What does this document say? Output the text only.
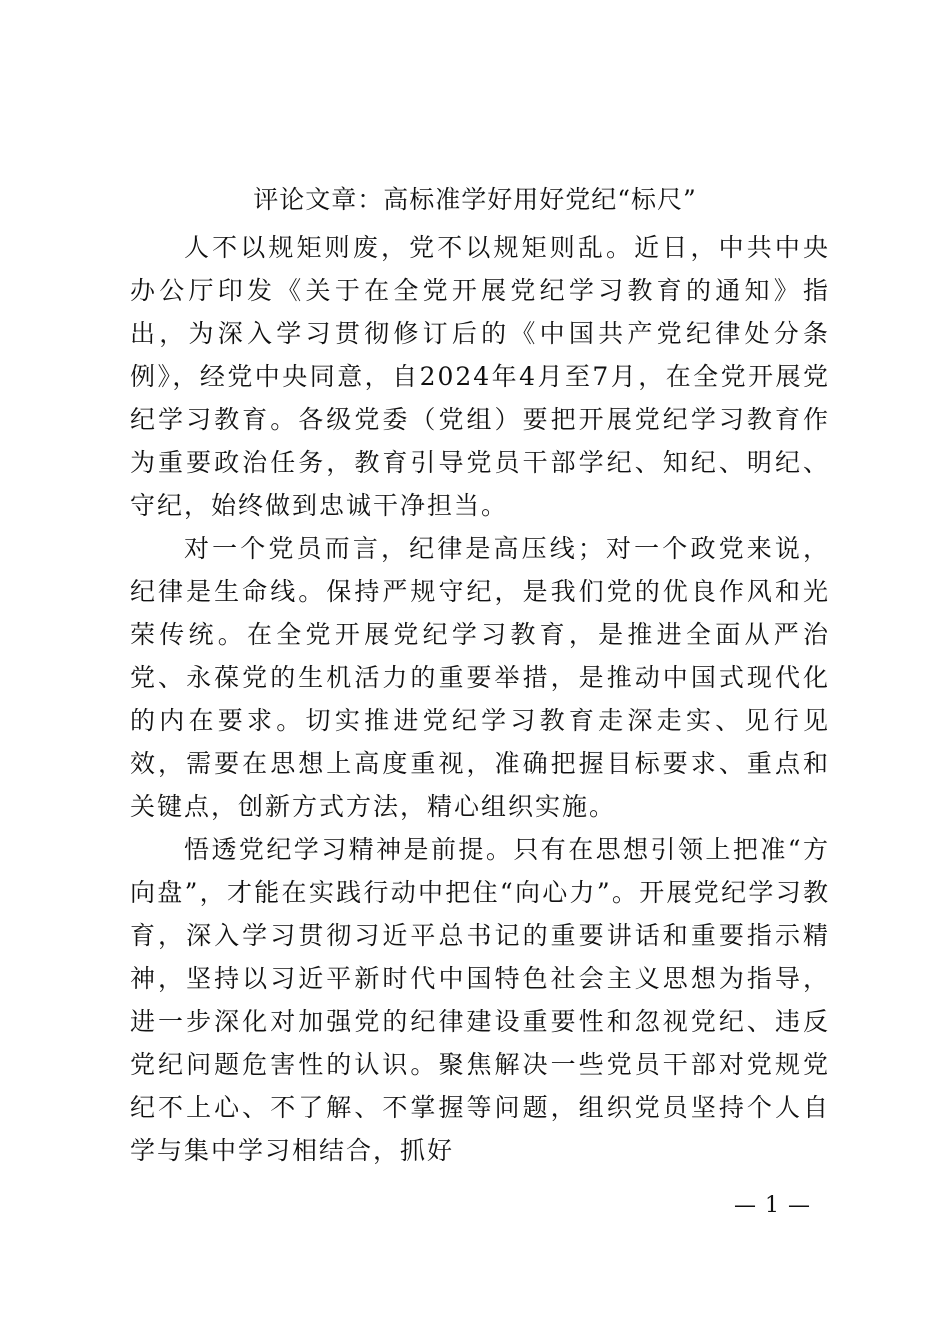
评论文章：高标准学好用好党纪“标尺”

人不以规矩则废，党不以规矩则乱。近日，中共中央办公厅印发《关于在全党开展党纪学习教育的通知》指出，为深入学习贯彻修订后的《中国共产党纪律处分条例》，经党中央同意，自2024年4月至7月，在全党开展党纪学习教育。各级党委（党组）要把开展党纪学习教育作为重要政治任务，教育引导党员干部学纪、知纪、明纪、守纪，始终做到忠诚干净担当。

对一个党员而言，纪律是高压线；对一个政党来说，纪律是生命线。保持严规守纪，是我们党的优良作风和光荣传统。在全党开展党纪学习教育，是推进全面从严治党、永葆党的生机活力的重要举措，是推动中国式现代化的内在要求。切实推进党纪学习教育走深走实、见行见效，需要在思想上高度重视，准确把握目标要求、重点和关键点，创新方式方法，精心组织实施。

悟透党纪学习精神是前提。只有在思想引领上把准“方向盘”，才能在实践行动中把住“向心力”。开展党纪学习教育，深入学习贯彻习近平总书记的重要讲话和重要指示精神，坚持以习近平新时代中国特色社会主义思想为指导，进一步深化对加强党的纪律建设重要性和忽视党纪、违反党纪问题危害性的认识。聚焦解决一些党员干部对党规党纪不上心、不了解、不掌握等问题，组织党员坚持个人自学与集中学习相结合，抓好

— 1 —
